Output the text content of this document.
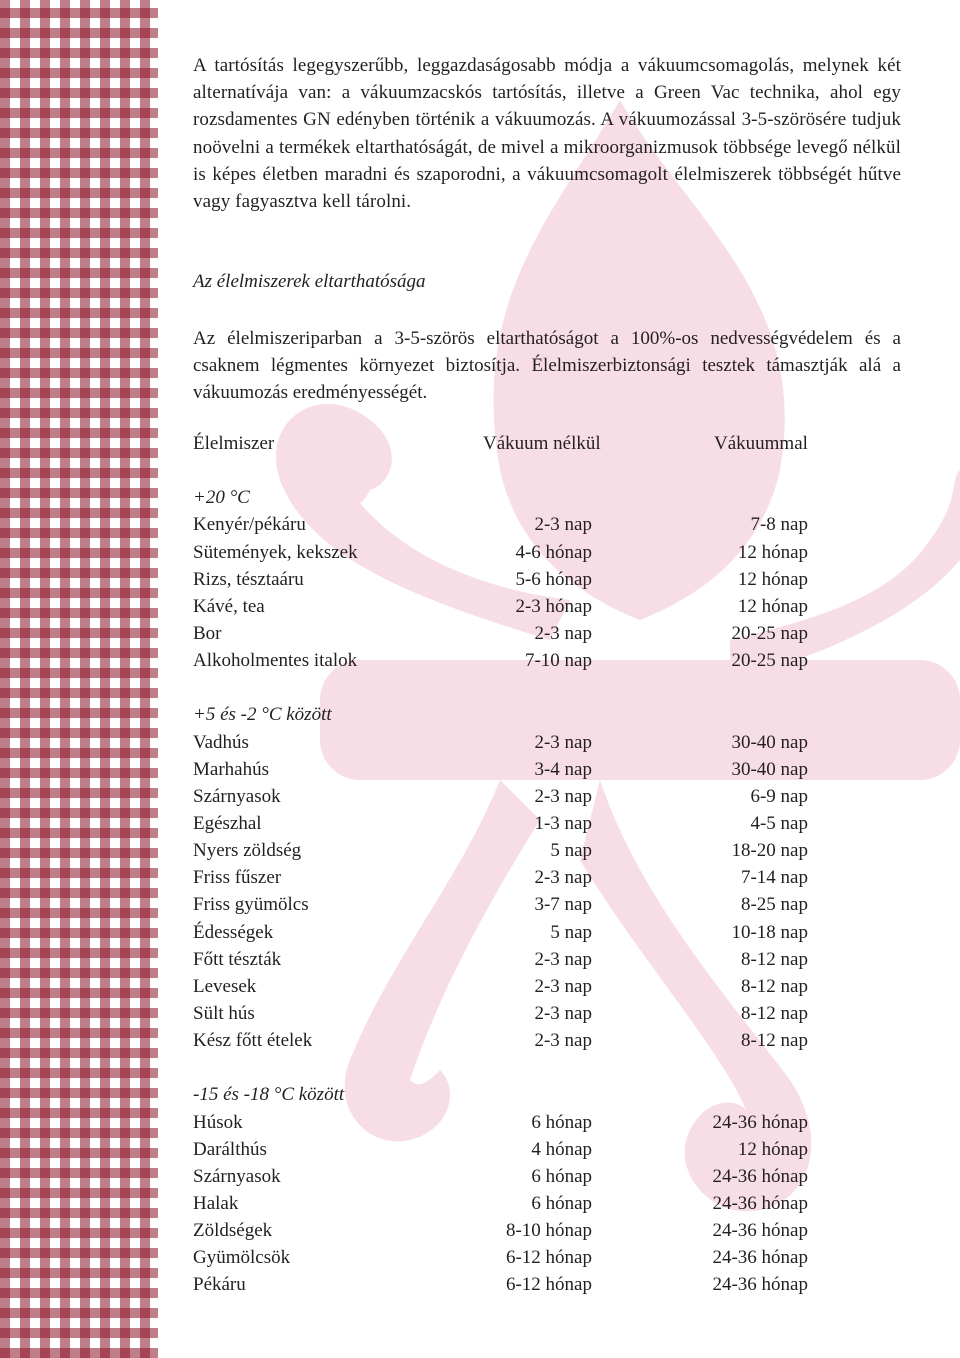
A tartósítás legegyszerűbb, leggazdaságosabb módja a vákuumcsomagolás, melynek két alternatívája van: a vákuumzacskós tartósítás, illetve a Green Vac technika, ahol egy rozsdamentes GN edényben történik a vákuumozás. A vákuumozással 3-5-szörösére tudjuk noövelni a termékek eltarthatóságát, de mivel a mikroorganizmusok többsége levegő nélkül is képes életben maradni és szaporodni, a vákuumcsomagolt élelmiszerek többségét hűtve vagy fagyasztva kell tárolni.

Az élelmiszerek eltarthatósága

Az élelmiszeriparban a 3-5-szörös eltarthatóságot a 100%-os nedvességvédelem és a csaknem légmentes környezet biztosítja. Élelmiszerbiztonsági tesztek támasztják alá a vákuumozás eredményességét.

Élelmiszer	Vákuum nélkül	Vákuummal
+20 °C
Kenyér/pékáru	2-3 nap	7-8 nap
Sütemények, kekszek	4-6 hónap	12 hónap
Rizs, tésztaáru	5-6 hónap	12 hónap
Kávé, tea	2-3 hónap	12 hónap
Bor	2-3 nap	20-25 nap
Alkoholmentes italok	7-10 nap	20-25 nap
+5 és -2 °C között
Vadhús	2-3 nap	30-40 nap
Marhahús	3-4 nap	30-40 nap
Szárnyasok	2-3 nap	6-9 nap
Egészhal	1-3 nap	4-5 nap
Nyers zöldség	5 nap	18-20 nap
Friss fűszer	2-3 nap	7-14 nap
Friss gyümölcs	3-7 nap	8-25 nap
Édességek	5 nap	10-18 nap
Főtt tészták	2-3 nap	8-12 nap
Levesek	2-3 nap	8-12 nap
Sült hús	2-3 nap	8-12 nap
Kész főtt ételek	2-3 nap	8-12 nap
-15 és -18 °C között
Húsok	6 hónap	24-36 hónap
Darálthús	4 hónap	12 hónap
Szárnyasok	6 hónap	24-36 hónap
Halak	6 hónap	24-36 hónap
Zöldségek	8-10 hónap	24-36 hónap
Gyümölcsök	6-12 hónap	24-36 hónap
Pékáru	6-12 hónap	24-36 hónap
